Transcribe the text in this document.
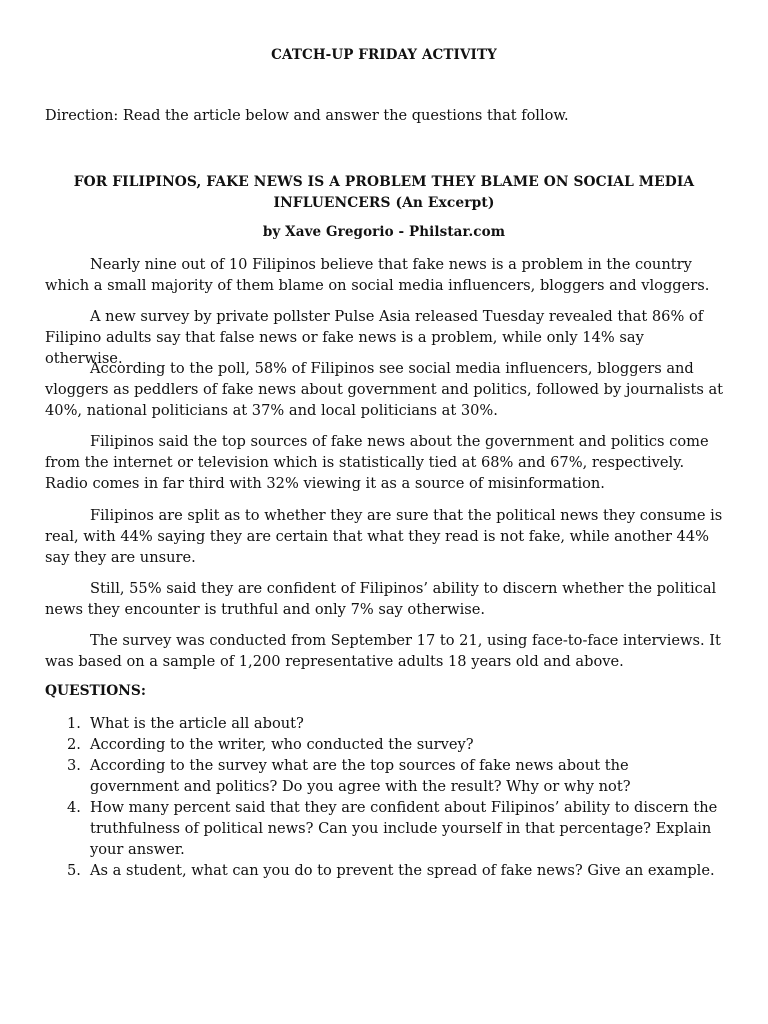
CATCH-UP FRIDAY ACTIVITY
Direction: Read the article below and answer the questions that follow.
FOR FILIPINOS, FAKE NEWS IS A PROBLEM THEY BLAME ON SOCIAL MEDIA INFLUENCERS (An Excerpt)
by Xave Gregorio - Philstar.com

Nearly nine out of 10 Filipinos believe that fake news is a problem in the country which a small majority of them blame on social media influencers, bloggers and vloggers.

A new survey by private pollster Pulse Asia released Tuesday revealed that 86% of Filipino adults say that false news or fake news is a problem, while only 14% say otherwise.

According to the poll, 58% of Filipinos see social media influencers, bloggers and vloggers as peddlers of fake news about government and politics, followed by journalists at 40%, national politicians at 37% and local politicians at 30%.

Filipinos said the top sources of fake news about the government and politics come from the internet or television which is statistically tied at 68% and 67%, respectively. Radio comes in far third with 32% viewing it as a source of misinformation.

Filipinos are split as to whether they are sure that the political news they consume is real, with 44% saying they are certain that what they read is not fake, while another 44% say they are unsure.

Still, 55% said they are confident of Filipinos’ ability to discern whether the political news they encounter is truthful and only 7% say otherwise.

The survey was conducted from September 17 to 21, using face-to-face interviews. It was based on a sample of 1,200 representative adults 18 years old and above.

QUESTIONS:
1. What is the article all about?
2. According to the writer, who conducted the survey?
3. According to the survey what are the top sources of fake news about the government and politics? Do you agree with the result? Why or why not?
4. How many percent said that they are confident about Filipinos’ ability to discern the truthfulness of political news? Can you include yourself in that percentage? Explain your answer.
5. As a student, what can you do to prevent the spread of fake news? Give an example.
